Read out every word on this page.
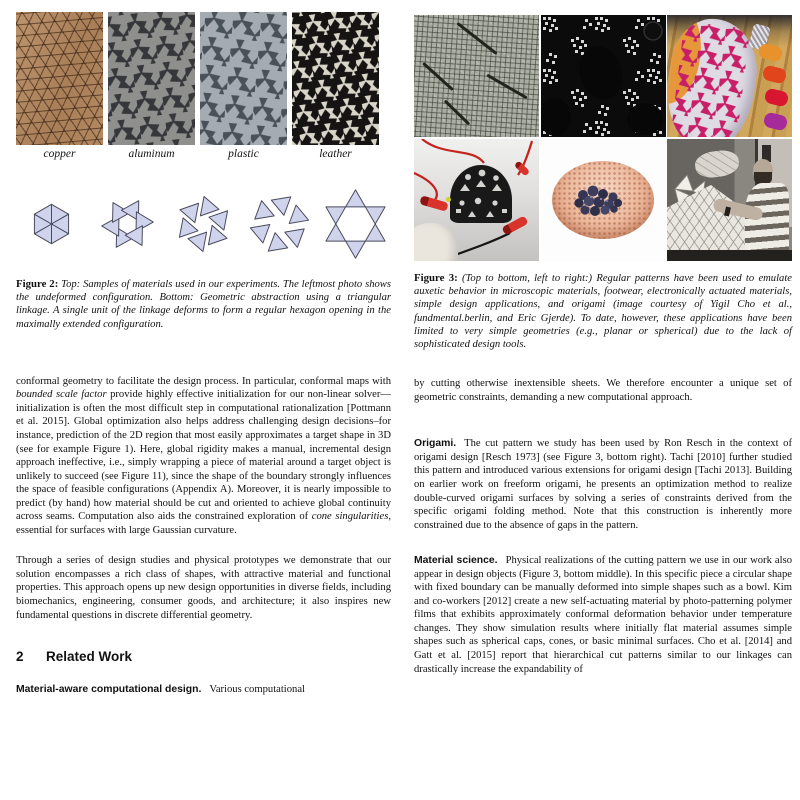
copper	aluminum	plastic	leather

Figure 2: Top: Samples of materials used in our experiments. The leftmost photo shows the undeformed configuration. Bottom: Geometric abstraction using a triangular linkage. A single unit of the linkage deforms to form a regular hexagon opening in the maximally extended configuration.

conformal geometry to facilitate the design process. In particular, conformal maps with bounded scale factor provide highly effective initialization for our non-linear solver—initialization is often the most difficult step in computational rationalization [Pottmann et al. 2015]. Global optimization also helps address challenging design decisions–for instance, prediction of the 2D region that most easily approximates a target shape in 3D (see for example Figure 1). Here, global rigidity makes a manual, incremental design approach ineffective, i.e., simply wrapping a piece of material around a target object is unlikely to succeed (see Figure 11), since the shape of the boundary strongly influences the space of feasible configurations (Appendix A). Moreover, it is nearly impossible to predict (by hand) how material should be cut and oriented to achieve global continuity across seams. Computation also aids the constrained exploration of cone singularities, essential for surfaces with large Gaussian curvature.

Through a series of design studies and physical prototypes we demonstrate that our solution encompasses a rich class of shapes, with attractive material and functional properties. This approach opens up new design opportunities in diverse fields, including biomechanics, engineering, consumer goods, and architecture; it also inspires new fundamental questions in discrete differential geometry.

2	Related Work

Material-aware computational design. Various computational

Figure 3: (Top to bottom, left to right:) Regular patterns have been used to emulate auxetic behavior in microscopic materials, footwear, electronically actuated materials, simple design applications, and origami (image courtesy of Yigil Cho et al., fundmental.berlin, and Eric Gjerde). To date, however, these applications have been limited to very simple geometries (e.g., planar or spherical) due to the lack of sophisticated design tools.

by cutting otherwise inextensible sheets. We therefore encounter a unique set of geometric constraints, demanding a new computational approach.

Origami. The cut pattern we study has been used by Ron Resch in the context of origami design [Resch 1973] (see Figure 3, bottom right). Tachi [2010] further studied this pattern and introduced various extensions for origami design [Tachi 2013]. Building on earlier work on freeform origami, he presents an optimization method to realize double-curved origami surfaces by solving a series of constraints derived from the specific origami folding method. Note that this construction is inherently more constrained due to the absence of gaps in the pattern.

Material science. Physical realizations of the cutting pattern we use in our work also appear in design objects (Figure 3, bottom middle). In this specific piece a circular shape with fixed boundary can be manually deformed into simple shapes such as a bowl. Kim and co-workers [2012] create a new self-actuating material by photo-patterning polymer films that exhibits approximately conformal deformation behavior under temperature changes. They show simulation results where initially flat material assumes simple shapes such as spherical caps, cones, or basic minimal surfaces. Cho et al. [2014] and Gatt et al. [2015] report that hierarchical cut patterns similar to our linkages can drastically increase the expandability of
